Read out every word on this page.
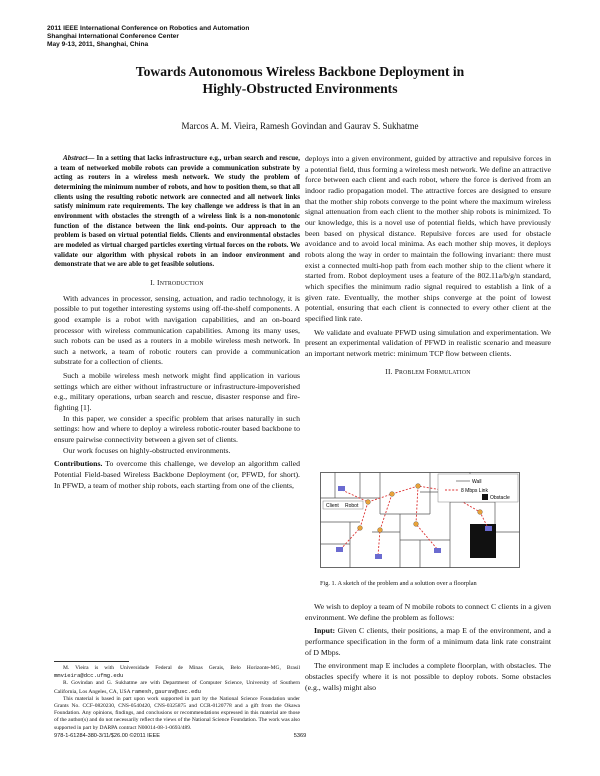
2011 IEEE International Conference on Robotics and Automation
Shanghai International Conference Center
May 9-13, 2011, Shanghai, China
Towards Autonomous Wireless Backbone Deployment in
Highly-Obstructed Environments
Marcos A. M. Vieira, Ramesh Govindan and Gaurav S. Sukhatme

Abstract— In a setting that lacks infrastructure e.g., urban search and rescue, a team of networked mobile robots can provide a communication substrate by acting as routers in a wireless mesh network. We study the problem of determining the minimum number of robots, and how to position them, so that all clients using the resulting robotic network are connected and all network links satisfy minimum rate requirements. The key challenge we address is that in an environment with obstacles the strength of a wireless link is a non-monotonic function of the distance between the link end-points. Our approach to the problem is based on virtual potential fields. Clients and environmental obstacles are modeled as virtual charged particles exerting virtual forces on the robots. We validate our algorithm with physical robots in an indoor environment and demonstrate that we are able to get feasible solutions.

I. INTRODUCTION

With advances in processor, sensing, actuation, and radio technology, it is possible to put together interesting systems using off-the-shelf components. A good example is a robot with navigation capabilities, and an on-board processor with wireless communication capabilities. Among its many uses, such robots can be used as a routers in a mobile wireless mesh network. In such a network, a team of robotic routers can provide a communication substrate for a collection of clients.

Such a mobile wireless mesh network might find application in various settings which are either without infrastructure or infrastructure-impoverished e.g., military operations, urban search and rescue, disaster response and fire-fighting [1].

In this paper, we consider a specific problem that arises naturally in such settings: how and where to deploy a wireless robotic-router based backbone to ensure pairwise connectivity between a given set of clients.

Our work focuses on highly-obstructed environments.

Contributions. To overcome this challenge, we develop an algorithm called Potential Field-based Wireless Backbone Deployment (or, PFWD, for short). In PFWD, a team of mother ship robots, each starting from one of the clients,

M. Vieira is with Universidade Federal de Minas Gerais, Belo Horizonte-MG, Brasil mmvieira@dcc.ufmg.edu

R. Govindan and G. Sukhatme are with Department of Computer Science, University of Southern California, Los Angeles, CA, USA ramesh,gaurav@usc.edu

This material is based in part upon work supported in part by the National Science Foundation under Grants No. CCF-0820230, CNS-0540420, CNS-0325875 and CCR-0120778 and a gift from the Okawa Foundation. Any opinions, findings, and conclusions or recommendations expressed in this material are those of the author(s) and do not necessarily reflect the views of the National Science Foundation. The work was also supported in part by DARPA contract N00014-08-1-0693/489.

deploys into a given environment, guided by attractive and repulsive forces in a potential field, thus forming a wireless mesh network. We define an attractive force between each client and each robot, where the force is derived from an indoor radio propagation model. The attractive forces are designed to ensure that the mother ship robots converge to the point where the maximum wireless signal attenuation from each client to the mother ship robots is minimized. To our knowledge, this is a novel use of potential fields, which have previously been based on physical distance. Repulsive forces are used for obstacle avoidance and to avoid local minima. As each mother ship moves, it deploys robots along the way in order to maintain the following invariant: there must exist a connected multi-hop path from each mother ship to the client where it started from. Robot deployment uses a feature of the 802.11a/b/g/n standard, which specifies the minimum radio signal required to establish a link of a given rate. Eventually, the mother ships converge at the point of lowest potential, ensuring that each client is connected to every other client at the specified link rate.

We validate and evaluate PFWD using simulation and experimentation. We present an experimental validation of PFWD in realistic scenario and measure an important network metric: minimum TCP flow between clients.

II. PROBLEM FORMULATION

Wall
8 Mbps Link
Obstacle
Client Robot
Fig. 1. A sketch of the problem and a solution over a floorplan

We wish to deploy a team of N mobile robots to connect C clients in a given environment. We define the problem as follows:

Input: Given C clients, their positions, a map E of the environment, and a performance specification in the form of a minimum data link rate constraint of D Mbps.

The environment map E includes a complete floorplan, with obstacles. The obstacles specify where it is not possible to deploy robots. Some obstacles (e.g., walls) might also

978-1-61284-380-3/11/$26.00 ©2011 IEEE	5369
